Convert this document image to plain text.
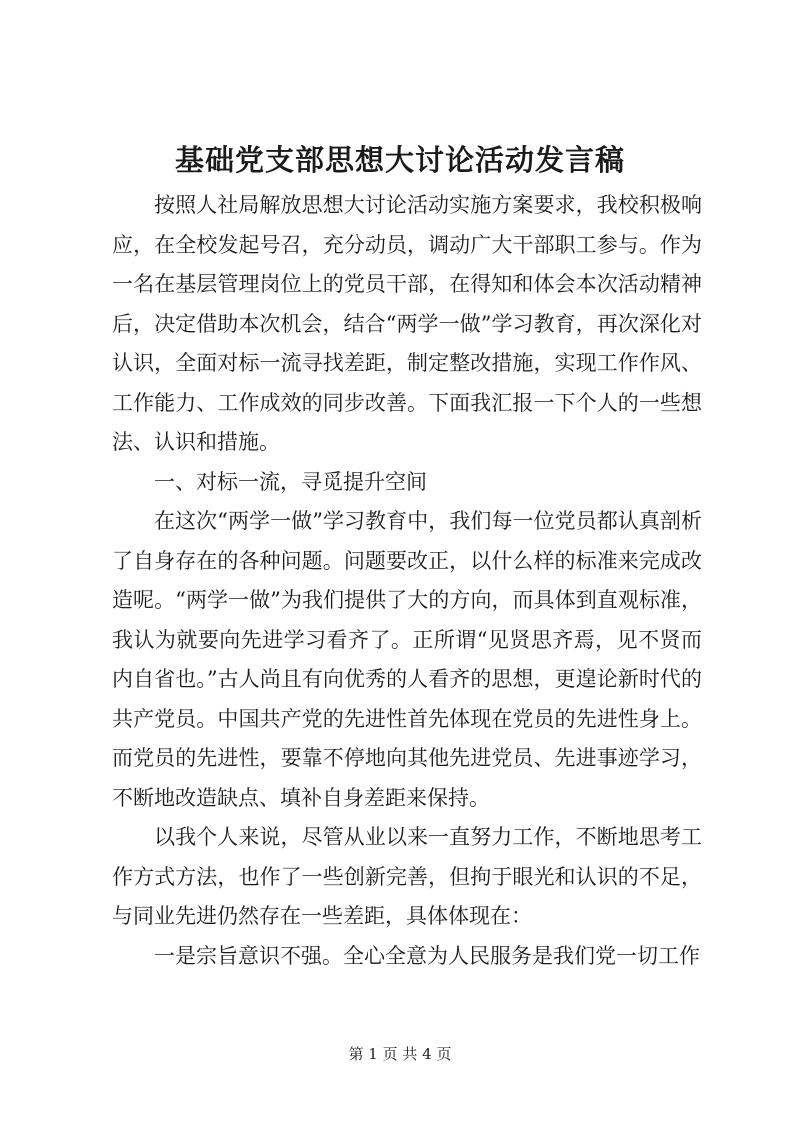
基础党支部思想大讨论活动发言稿

按照人社局解放思想大讨论活动实施方案要求，我校积极响应，在全校发起号召，充分动员，调动广大干部职工参与。作为一名在基层管理岗位上的党员干部，在得知和体会本次活动精神后，决定借助本次机会，结合“两学一做”学习教育，再次深化对认识，全面对标一流寻找差距，制定整改措施，实现工作作风、工作能力、工作成效的同步改善。下面我汇报一下个人的一些想法、认识和措施。

一、对标一流，寻觅提升空间

在这次“两学一做”学习教育中，我们每一位党员都认真剖析了自身存在的各种问题。问题要改正，以什么样的标准来完成改造呢。“两学一做”为我们提供了大的方向，而具体到直观标准，我认为就要向先进学习看齐了。正所谓“见贤思齐焉，见不贤而内自省也。”古人尚且有向优秀的人看齐的思想，更遑论新时代的共产党员。中国共产党的先进性首先体现在党员的先进性身上。而党员的先进性，要靠不停地向其他先进党员、先进事迹学习，不断地改造缺点、填补自身差距来保持。

以我个人来说，尽管从业以来一直努力工作，不断地思考工作方式方法，也作了一些创新完善，但拘于眼光和认识的不足，与同业先进仍然存在一些差距，具体体现在：

一是宗旨意识不强。全心全意为人民服务是我们党一切工作

第 1 页 共 4 页
